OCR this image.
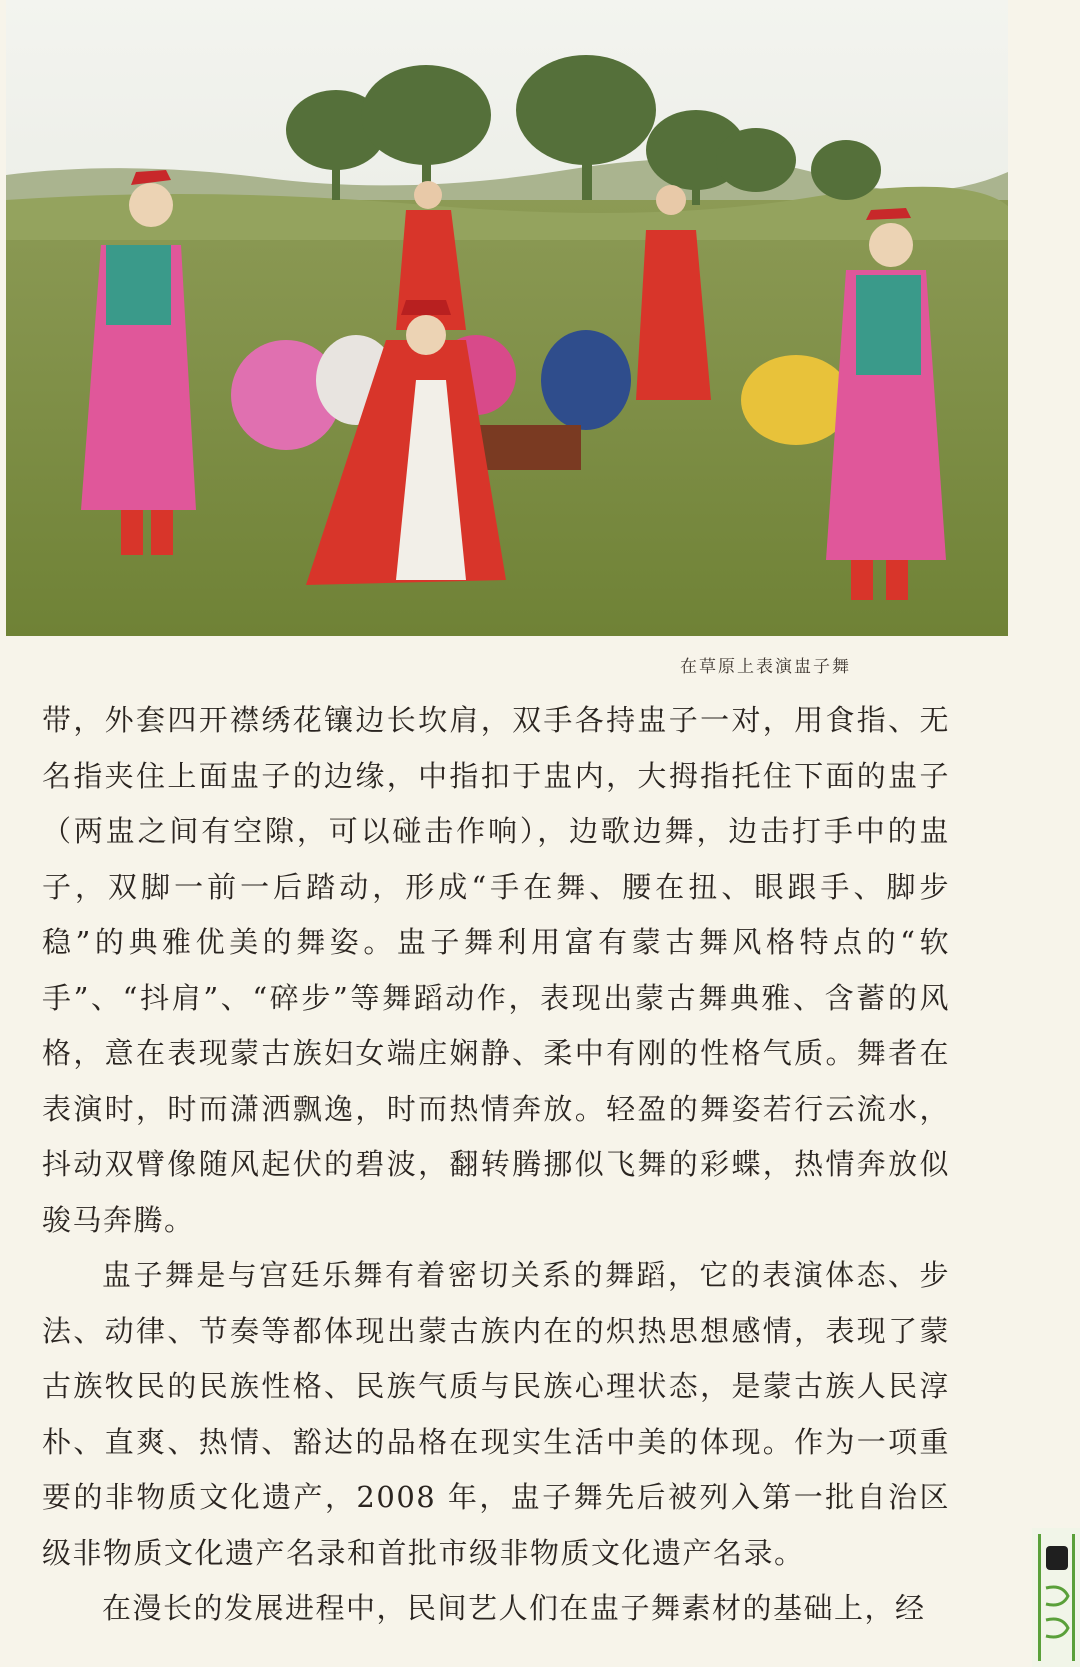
在草原上表演盅子舞

带，外套四开襟绣花镶边长坎肩，双手各持盅子一对，用食指、无名指夹住上面盅子的边缘，中指扣于盅内，大拇指托住下面的盅子（两盅之间有空隙，可以碰击作响），边歌边舞，边击打手中的盅子，双脚一前一后踏动，形成“手在舞、腰在扭、眼跟手、脚步稳”的典雅优美的舞姿。盅子舞利用富有蒙古舞风格特点的“软手”、“抖肩”、“碎步”等舞蹈动作，表现出蒙古舞典雅、含蓄的风格，意在表现蒙古族妇女端庄娴静、柔中有刚的性格气质。舞者在表演时，时而潇洒飘逸，时而热情奔放。轻盈的舞姿若行云流水，抖动双臂像随风起伏的碧波，翻转腾挪似飞舞的彩蝶，热情奔放似骏马奔腾。

盅子舞是与宫廷乐舞有着密切关系的舞蹈，它的表演体态、步法、动律、节奏等都体现出蒙古族内在的炽热思想感情，表现了蒙古族牧民的民族性格、民族气质与民族心理状态，是蒙古族人民淳朴、直爽、热情、豁达的品格在现实生活中美的体现。作为一项重要的非物质文化遗产，2008 年，盅子舞先后被列入第一批自治区级非物质文化遗产名录和首批市级非物质文化遗产名录。

在漫长的发展进程中，民间艺人们在盅子舞素材的基础上，经
